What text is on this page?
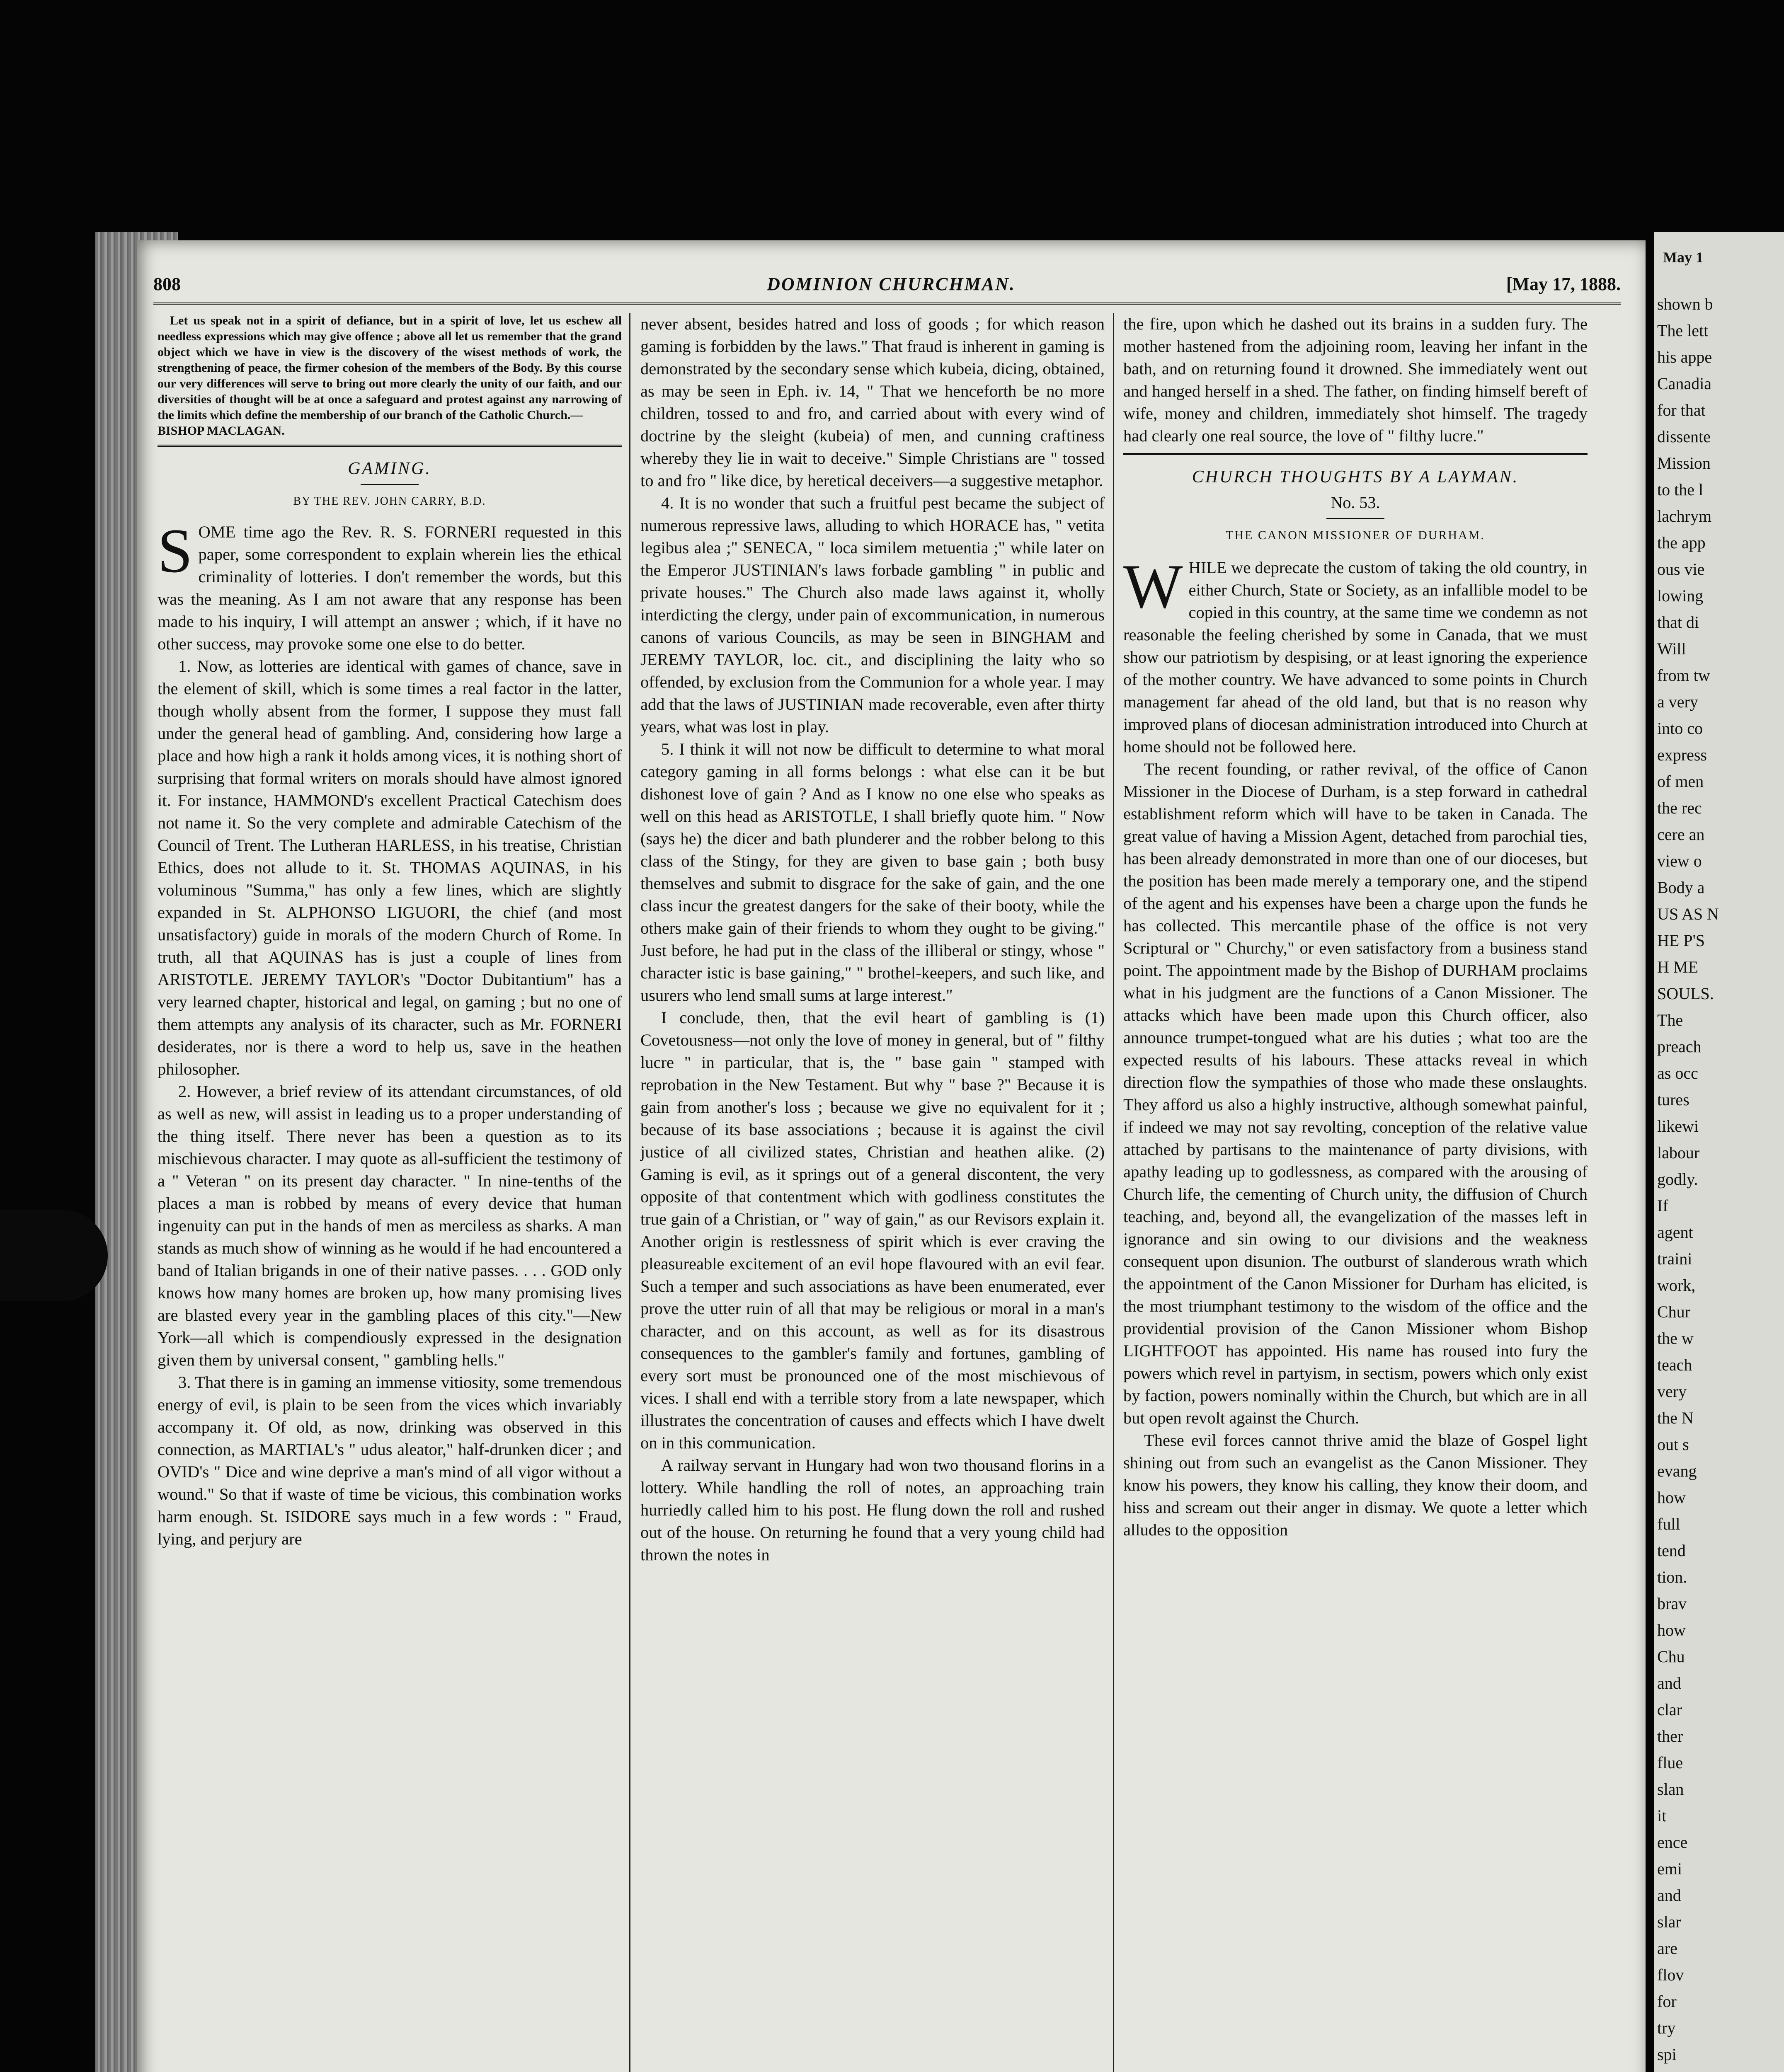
808	DOMINION CHURCHMAN.	[May 17, 1888.
Let us speak not in a spirit of defiance, but in a spirit of love, let us eschew all needless expressions which may give offence ; above all let us remember that the grand object which we have in view is the discovery of the wisest methods of work, the strengthening of peace, the firmer cohesion of the members of the Body. By this course our very differences will serve to bring out more clearly the unity of our faith, and our diversities of thought will be at once a safeguard and protest against any narrowing of the limits which define the membership of our branch of the Catholic Church.—
BISHOP MACLAGAN.
GAMING.
BY THE REV. JOHN CARRY, B.D.

SOME time ago the Rev. R. S. FORNERI requested in this paper, some correspondent to explain wherein lies the ethical criminality of lotteries. I don't remember the words, but this was the meaning. As I am not aware that any response has been made to his inquiry, I will attempt an answer ; which, if it have no other success, may provoke some one else to do better.

1. Now, as lotteries are identical with games of chance, save in the element of skill, which is some times a real factor in the latter, though wholly absent from the former, I suppose they must fall under the general head of gambling. And, considering how large a place and how high a rank it holds among vices, it is nothing short of surprising that formal writers on morals should have almost ignored it. For instance, HAMMOND's excellent Practical Catechism does not name it. So the very complete and admirable Catechism of the Council of Trent. The Lutheran HARLESS, in his treatise, Christian Ethics, does not allude to it. St. THOMAS AQUINAS, in his voluminous "Summa," has only a few lines, which are slightly expanded in St. ALPHONSO LIGUORI, the chief (and most unsatisfactory) guide in morals of the modern Church of Rome. In truth, all that AQUINAS has is just a couple of lines from ARISTOTLE. JEREMY TAYLOR's "Doctor Dubitantium" has a very learned chapter, historical and legal, on gaming ; but no one of them attempts any analysis of its character, such as Mr. FORNERI desiderates, nor is there a word to help us, save in the heathen philosopher.

2. However, a brief review of its attendant circumstances, of old as well as new, will assist in leading us to a proper understanding of the thing itself. There never has been a question as to its mischievous character. I may quote as all-sufficient the testimony of a " Veteran " on its present day character. " In nine-tenths of the places a man is robbed by means of every device that human ingenuity can put in the hands of men as merciless as sharks. A man stands as much show of winning as he would if he had encountered a band of Italian brigands in one of their native passes. . . . GOD only knows how many homes are broken up, how many promising lives are blasted every year in the gambling places of this city."—New York—all which is compendiously expressed in the designation given them by universal consent, " gambling hells."

3. That there is in gaming an immense vitiosity, some tremendous energy of evil, is plain to be seen from the vices which invariably accompany it. Of old, as now, drinking was observed in this connection, as MARTIAL's " udus aleator," half-drunken dicer ; and OVID's " Dice and wine deprive a man's mind of all vigor without a wound." So that if waste of time be vicious, this combination works harm enough. St. ISIDORE says much in a few words : " Fraud, lying, and perjury are

never absent, besides hatred and loss of goods ; for which reason gaming is forbidden by the laws." That fraud is inherent in gaming is demonstrated by the secondary sense which kubeia, dicing, obtained, as may be seen in Eph. iv. 14, " That we henceforth be no more children, tossed to and fro, and carried about with every wind of doctrine by the sleight (kubeia) of men, and cunning craftiness whereby they lie in wait to deceive." Simple Christians are " tossed to and fro " like dice, by heretical deceivers—a suggestive metaphor.

4. It is no wonder that such a fruitful pest became the subject of numerous repressive laws, alluding to which HORACE has, " vetita legibus alea ;" SENECA, " loca similem metuentia ;" while later on the Emperor JUSTINIAN's laws forbade gambling " in public and private houses." The Church also made laws against it, wholly interdicting the clergy, under pain of excommunication, in numerous canons of various Councils, as may be seen in BINGHAM and JEREMY TAYLOR, loc. cit., and disciplining the laity who so offended, by exclusion from the Communion for a whole year. I may add that the laws of JUSTINIAN made recoverable, even after thirty years, what was lost in play.

5. I think it will not now be difficult to determine to what moral category gaming in all forms belongs : what else can it be but dishonest love of gain ? And as I know no one else who speaks as well on this head as ARISTOTLE, I shall briefly quote him. " Now (says he) the dicer and bath plunderer and the robber belong to this class of the Stingy, for they are given to base gain ; both busy themselves and submit to disgrace for the sake of gain, and the one class incur the greatest dangers for the sake of their booty, while the others make gain of their friends to whom they ought to be giving." Just before, he had put in the class of the illiberal or stingy, whose " character istic is base gaining," " brothel-keepers, and such like, and usurers who lend small sums at large interest."

I conclude, then, that the evil heart of gambling is (1) Covetousness—not only the love of money in general, but of " filthy lucre " in particular, that is, the " base gain " stamped with reprobation in the New Testament. But why " base ?" Because it is gain from another's loss ; because we give no equivalent for it ; because of its base associations ; because it is against the civil justice of all civilized states, Christian and heathen alike. (2) Gaming is evil, as it springs out of a general discontent, the very opposite of that contentment which with godliness constitutes the true gain of a Christian, or " way of gain," as our Revisors explain it. Another origin is restlessness of spirit which is ever craving the pleasureable excitement of an evil hope flavoured with an evil fear. Such a temper and such associations as have been enumerated, ever prove the utter ruin of all that may be religious or moral in a man's character, and on this account, as well as for its disastrous consequences to the gambler's family and fortunes, gambling of every sort must be pronounced one of the most mischievous of vices. I shall end with a terrible story from a late newspaper, which illustrates the concentration of causes and effects which I have dwelt on in this communication.

A railway servant in Hungary had won two thousand florins in a lottery. While handling the roll of notes, an approaching train hurriedly called him to his post. He flung down the roll and rushed out of the house. On returning he found that a very young child had thrown the notes in

the fire, upon which he dashed out its brains in a sudden fury. The mother hastened from the adjoining room, leaving her infant in the bath, and on returning found it drowned. She immediately went out and hanged herself in a shed. The father, on finding himself bereft of wife, money and children, immediately shot himself. The tragedy had clearly one real source, the love of " filthy lucre."

CHURCH THOUGHTS BY A LAYMAN.
No. 53.
THE CANON MISSIONER OF DURHAM.

WHILE we deprecate the custom of taking the old country, in either Church, State or Society, as an infallible model to be copied in this country, at the same time we condemn as not reasonable the feeling cherished by some in Canada, that we must show our patriotism by despising, or at least ignoring the experience of the mother country. We have advanced to some points in Church management far ahead of the old land, but that is no reason why improved plans of diocesan administration introduced into Church at home should not be followed here.

The recent founding, or rather revival, of the office of Canon Missioner in the Diocese of Durham, is a step forward in cathedral establishment reform which will have to be taken in Canada. The great value of having a Mission Agent, detached from parochial ties, has been already demonstrated in more than one of our dioceses, but the position has been made merely a temporary one, and the stipend of the agent and his expenses have been a charge upon the funds he has collected. This mercantile phase of the office is not very Scriptural or " Churchy," or even satisfactory from a business stand point. The appointment made by the Bishop of DURHAM proclaims what in his judgment are the functions of a Canon Missioner. The attacks which have been made upon this Church officer, also announce trumpet-tongued what are his duties ; what too are the expected results of his labours. These attacks reveal in which direction flow the sympathies of those who made these onslaughts. They afford us also a highly instructive, although somewhat painful, if indeed we may not say revolting, conception of the relative value attached by partisans to the maintenance of party divisions, with apathy leading up to godlessness, as compared with the arousing of Church life, the cementing of Church unity, the diffusion of Church teaching, and, beyond all, the evangelization of the masses left in ignorance and sin owing to our divisions and the weakness consequent upon disunion. The outburst of slanderous wrath which the appointment of the Canon Missioner for Durham has elicited, is the most triumphant testimony to the wisdom of the office and the providential provision of the Canon Missioner whom Bishop LIGHTFOOT has appointed. His name has roused into fury the powers which revel in partyism, in sectism, powers which only exist by faction, powers nominally within the Church, but which are in all but open revolt against the Church.

These evil forces cannot thrive amid the blaze of Gospel light shining out from such an evangelist as the Canon Missioner. They know his powers, they know his calling, they know their doom, and hiss and scream out their anger in dismay. We quote a letter which alludes to the opposition

May 1
shown b
The lett
his appe
Canadia
for that
dissente
Mission
to the l
lachrym
the app
ous vie
lowing
that di
Will
from tw
a very
into co
express
of men
the rec
cere an
view o
Body a
US AS N
HE P'S
H ME
SOULS.
The
preach
as occ
tures
likewi
labour
godly.
If
agent
traini
work,
Chur
the w
teach
very
the N
out s
evang
how
full
tend
tion.
brav
how
Chu
and
clar
ther
flue
slan
it
ence
emi
and
slar
are
flov
for
try
spi
